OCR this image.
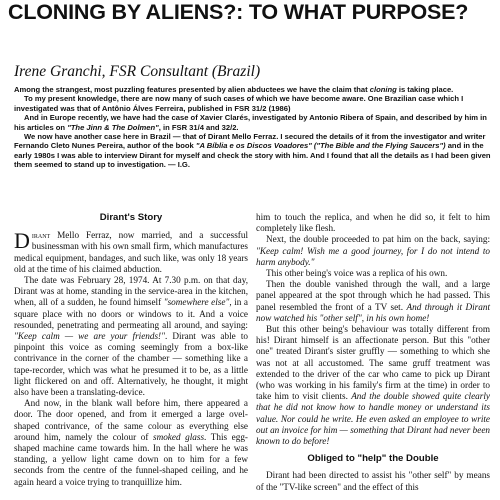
CLONING BY ALIENS?: TO WHAT PURPOSE?

Irene Granchi, FSR Consultant (Brazil)

Among the strangest, most puzzling features presented by alien abductees we have the claim that cloning is taking place.

To my present knowledge, there are now many of such cases of which we have become aware. One Brazilian case which I investigated was that of Antônio Álves Ferreira, published in FSR 31/2 (1986)

And in Europe recently, we have had the case of Xavier Clarés, investigated by Antonio Ribera of Spain, and described by him in his articles on "The Jinn & The Dolmen", in FSR 31/4 and 32/2.

We now have another case here in Brazil — that of Dirant Mello Ferraz. I secured the details of it from the investigator and writer Fernando Cleto Nunes Pereira, author of the book "A Bíblia e os Discos Voadores" ("The Bible and the Flying Saucers") and in the early 1980s I was able to interview Dirant for myself and check the story with him. And I found that all the details as I had been given them seemed to stand up to investigation. — I.G.

Dirant's Story

Dirant Mello Ferraz, now married, and a successful businessman with his own small firm, which manufactures medical equipment, bandages, and such like, was only 18 years old at the time of his claimed abduction.

The date was February 28, 1974. At 7.30 p.m. on that day, Dirant was at home, standing in the service-area in the kitchen, when, all of a sudden, he found himself "somewhere else", in a square place with no doors or windows to it. And a voice resounded, penetrating and permeating all around, and saying: "Keep calm — we are your friends!". Dirant was able to pinpoint this voice as coming seemingly from a box-like contrivance in the corner of the chamber — something like a tape-recorder, which was what he presumed it to be, as a little light flickered on and off. Alternatively, he thought, it might also have been a translating-device.

And now, in the blank wall before him, there appeared a door. The door opened, and from it emerged a large ovel-shaped contrivance, of the same colour as everything else around him, namely the colour of smoked glass. This egg-shaped machine came towards him. In the hall where he was standing, a yellow light came down on to him for a few seconds from the centre of the funnel-shaped ceiling, and he again heard a voice trying to tranquillize him.

him to touch the replica, and when he did so, it felt to him completely like flesh.

Next, the double proceeded to pat him on the back, saying: "Keep calm! Wish me a good journey, for I do not intend to harm anybody."

This other being's voice was a replica of his own.

Then the double vanished through the wall, and a large panel appeared at the spot through which he had passed. This panel resembled the front of a TV set. And through it Dirant now watched his "other self", in his own home!

But this other being's behaviour was totally different from his! Dirant himself is an affectionate person. But this "other one" treated Dirant's sister gruffly — something to which she was not at all accustomed. The same gruff treatment was extended to the driver of the car who came to pick up Dirant (who was working in his family's firm at the time) in order to take him to visit clients. And the double showed quite clearly that he did not know how to handle money or understand its value. Nor could he write. He even asked an employee to write out an invoice for him — something that Dirant had never been known to do before!

Obliged to "help" the Double

Dirant had been directed to assist his "other self" by means of the "TV-like screen" and the effect of this
